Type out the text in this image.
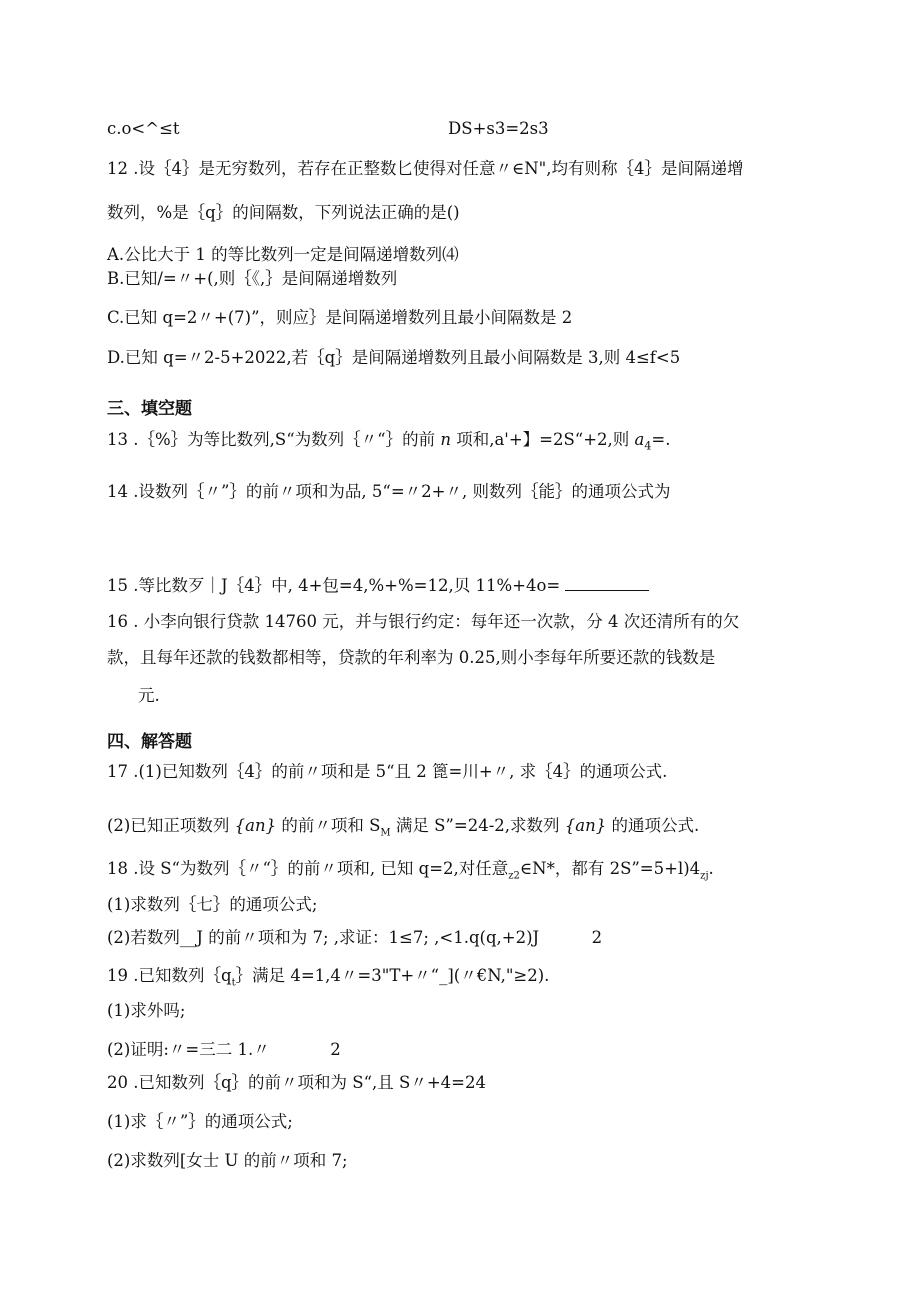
c.o<^≤t	DS+s3=2s3
12 .设｛4｝是无穷数列，若存在正整数匕使得对任意〃∈N",均有则称｛4｝是间隔递增
数列，%是｛q｝的间隔数，下列说法正确的是()
A.公比大于 1 的等比数列一定是间隔递增数列⑷
B.已知/=〃+(,则｛《,｝是间隔递增数列
C.已知 q=2〃+(7)”，则应｝是间隔递增数列且最小间隔数是 2
D.已知 q=〃2-5+2022,若｛q｝是间隔递增数列且最小间隔数是 3,则 4≤f<5
三、填空题
13 .｛%｝为等比数列,S“为数列｛〃“｝的前 n 项和,a'+】=2S“+2,则 $a_4=$.
14 .设数列｛〃”｝的前〃项和为品, 5“=〃2+〃, 则数列｛能｝的通项公式为
15 .等比数歹｜J｛4｝中, 4+包=4,%+%=12,贝 11%+4o=
16 . 小李向银行贷款 14760 元，并与银行约定：每年还一次款，分 4 次还清所有的欠
款，且每年还款的钱数都相等，贷款的年利率为 0.25,则小李每年所要还款的钱数是
元.
四、解答题
17 .(1)已知数列｛4｝的前〃项和是 5“且 2 篦=川+〃, 求｛4｝的通项公式.
(2)已知正项数列 {an} 的前〃项和 $S_M$ 满足 S”=24-2,求数列 {an} 的通项公式.
18 .设 S“为数列｛〃“｝的前〃项和, 已知 q=2,对任意$_{z2}$∈N*，都有 $2S”=5+l)4_{zj}$.
(1)求数列｛七｝的通项公式;
(2)若数列__J 的前〃项和为 7; ,求证：1≤7; ,<1.q(q,+2)J	2
19 .已知数列$\{q_t\}$满足 4=1,4〃=3"T+〃“_](〃€N,"≥2).
(1)求外吗;
(2)证明:〃=三二 1.〃	2
20 .已知数列｛q｝的前〃项和为 S“,且 S〃+4=24
(1)求｛〃”｝的通项公式;
(2)求数列[女士 U 的前〃项和 7;
